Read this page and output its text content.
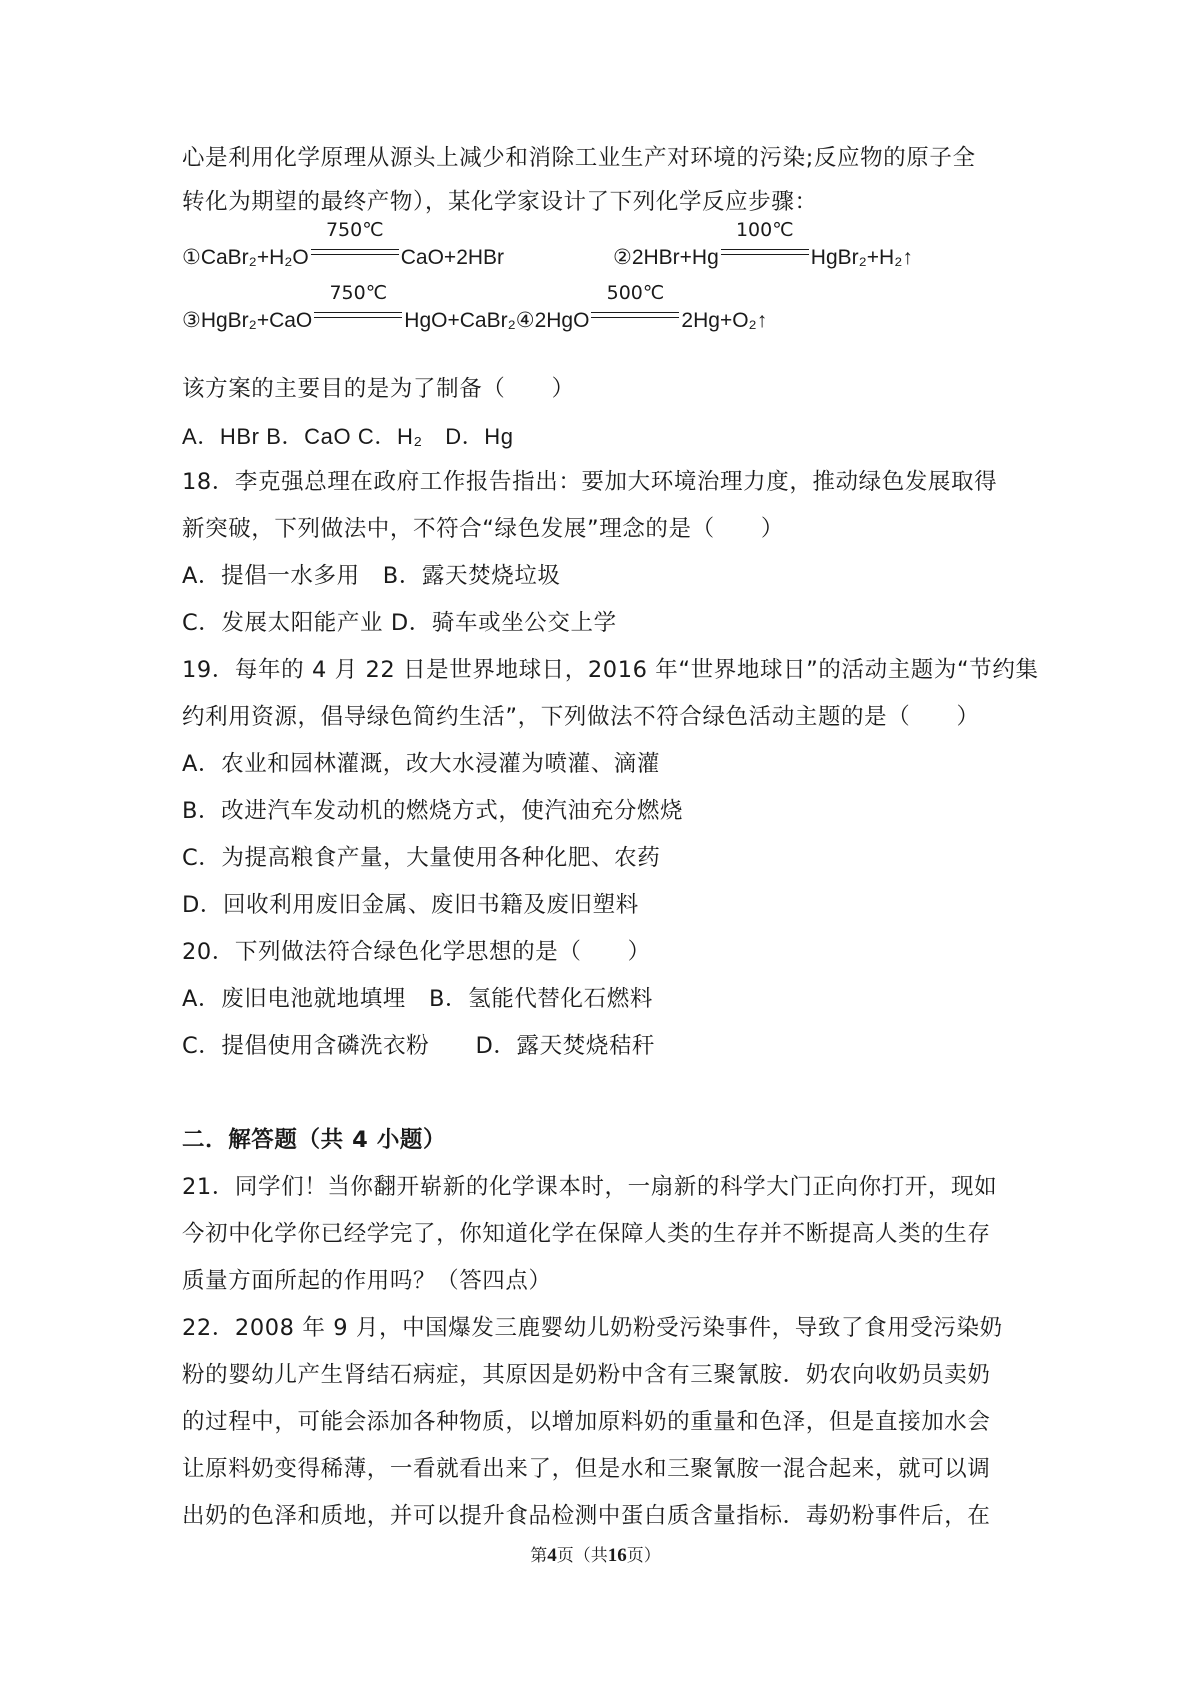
心是利用化学原理从源头上减少和消除工业生产对环境的污染;反应物的原子全
转化为期望的最终产物），某化学家设计了下列化学反应步骤：
①CaBr₂+H₂O
750℃
CaO+2HBr	②2HBr+Hg
100℃
HgBr₂+H₂↑
③HgBr₂+CaO
750℃
HgO+CaBr₂④2HgO
500℃
2Hg+O₂↑
该方案的主要目的是为了制备（　　）
A．HBr B．CaO C．H₂　D．Hg
18．李克强总理在政府工作报告指出：要加大环境治理力度，推动绿色发展取得
新突破，下列做法中，不符合“绿色发展”理念的是（　　）
A．提倡一水多用　B．露天焚烧垃圾
C．发展太阳能产业 D．骑车或坐公交上学
19．每年的 4 月 22 日是世界地球日，2016 年“世界地球日”的活动主题为“节约集
约利用资源，倡导绿色简约生活”，下列做法不符合绿色活动主题的是（　　）
A．农业和园林灌溉，改大水浸灌为喷灌、滴灌
B．改进汽车发动机的燃烧方式，使汽油充分燃烧
C．为提高粮食产量，大量使用各种化肥、农药
D．回收利用废旧金属、废旧书籍及废旧塑料
20．下列做法符合绿色化学思想的是（　　）
A．废旧电池就地填埋　B．氢能代替化石燃料
C．提倡使用含磷洗衣粉　　D．露天焚烧秸秆
二．解答题（共 4 小题）
21．同学们！当你翻开崭新的化学课本时，一扇新的科学大门正向你打开，现如
今初中化学你已经学完了，你知道化学在保障人类的生存并不断提高人类的生存
质量方面所起的作用吗？（答四点）
22．2008 年 9 月，中国爆发三鹿婴幼儿奶粉受污染事件，导致了食用受污染奶
粉的婴幼儿产生肾结石病症，其原因是奶粉中含有三聚氰胺．奶农向收奶员卖奶
的过程中，可能会添加各种物质，以增加原料奶的重量和色泽，但是直接加水会
让原料奶变得稀薄，一看就看出来了，但是水和三聚氰胺一混合起来，就可以调
出奶的色泽和质地，并可以提升食品检测中蛋白质含量指标．毒奶粉事件后，在
第4页（共16页）
